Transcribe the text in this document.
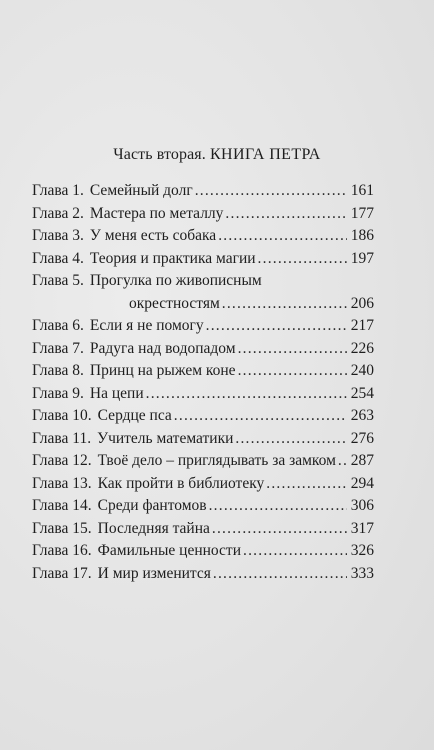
Часть вторая. КНИГА ПЕТРА
Глава 1. Семейный долг .....	161
Глава 2. Мастера по металлу .....	177
Глава 3. У меня есть собака .....	186
Глава 4. Теория и практика магии .....	197
Глава 5. Прогулка по живописным
окрестностям .....	206
Глава 6. Если я не помогу .....	217
Глава 7. Радуга над водопадом .....	226
Глава 8. Принц на рыжем коне .....	240
Глава 9. На цепи .....	254
Глава 10. Сердце пса .....	263
Глава 11. Учитель математики .....	276
Глава 12. Твоё дело – приглядывать за замком ..... 287
Глава 13. Как пройти в библиотеку .....	294
Глава 14. Среди фантомов .....	306
Глава 15. Последняя тайна .....	317
Глава 16. Фамильные ценности .....	326
Глава 17. И мир изменится .....	333
